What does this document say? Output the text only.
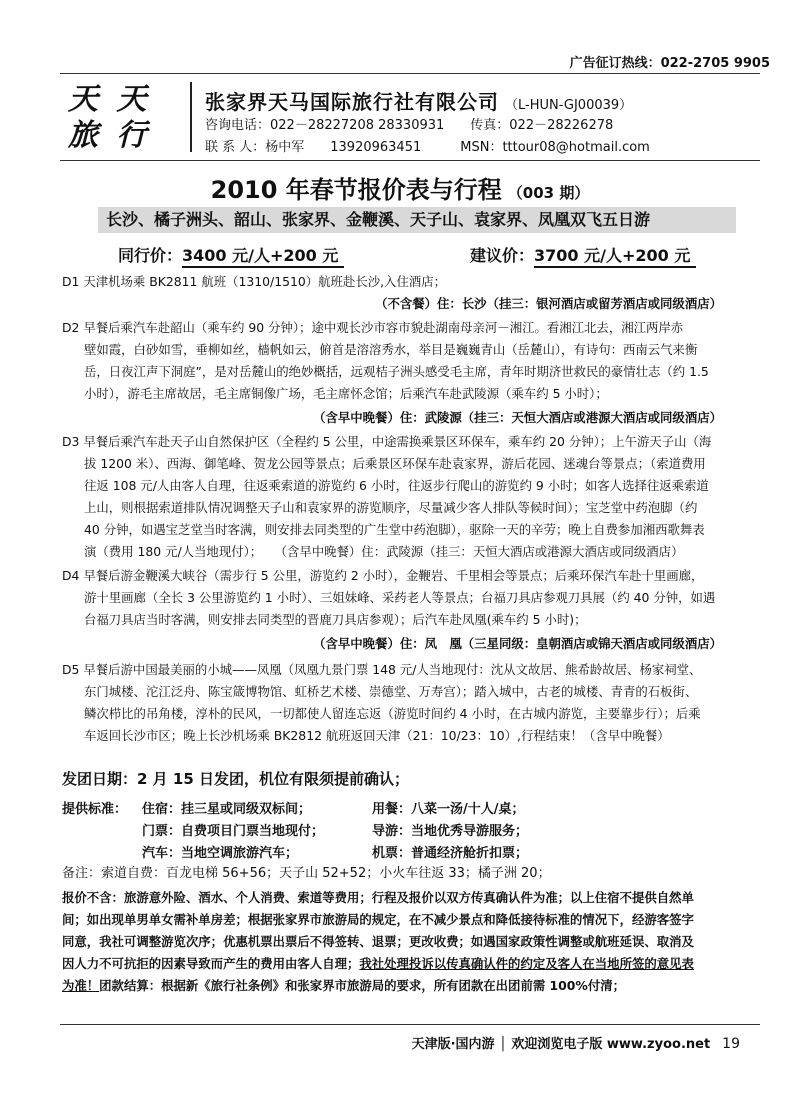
广告征订热线：022-2705 9905
天 天
旅 行
张家界天马国际旅行社有限公司 （L-HUN-GJ00039）
咨询电话：022－28227208 28330931　　传真：022－28226278
联 系 人：杨中军　　13920963451　　　MSN：tttour08@hotmail.com
2010 年春节报价表与行程 （003 期）
长沙、橘子洲头、韶山、张家界、金鞭溪、天子山、袁家界、凤凰双飞五日游
同行价：3400 元/人+200 元	建议价：3700 元/人+200 元
D1 天津机场乘 BK2811 航班（1310/1510）航班赴长沙,入住酒店；
（不含餐）住：长沙（挂三：银河酒店或留芳酒店或同级酒店）
D2 早餐后乘汽车赴韶山（乘车约 90 分钟）；途中观长沙市容市貌赴湖南母亲河－湘江。看湘江北去，湘江两岸赤
壁如霞，白砂如雪，垂柳如丝，樯帆如云，俯首是溶溶秀水，举目是巍巍青山（岳麓山），有诗句：西南云气来衡
岳，日夜江声下洞庭”，是对岳麓山的绝妙概括，远观桔子洲头感受毛主席，青年时期济世救民的豪情壮志（约 1.5
小时），游毛主席故居，毛主席铜像广场，毛主席怀念馆；后乘汽车赴武陵源（乘车约 5 小时）；
（含早中晚餐）住：武陵源（挂三：天恒大酒店或港源大酒店或同级酒店）
D3 早餐后乘汽车赴天子山自然保护区（全程约 5 公里，中途需换乘景区环保车，乘车约 20 分钟）；上午游天子山（海
拔 1200 米）、西海、御笔峰、贺龙公园等景点；后乘景区环保车赴袁家界，游后花园、迷魂台等景点；（索道费用
往返 108 元/人由客人自理，往返乘索道的游览约 6 小时，往返步行爬山的游览约 9 小时；如客人选择往返乘索道
上山，则根据索道排队情况调整天子山和袁家界的游览顺序，尽量减少客人排队等候时间）；宝芝堂中药泡脚（约
40 分钟，如遇宝芝堂当时客满，则安排去同类型的广生堂中药泡脚），驱除一天的辛劳；晚上自费参加湘西歌舞表
演（费用 180 元/人当地现付）；　　（含早中晚餐）住：武陵源（挂三：天恒大酒店或港源大酒店或同级酒店）
D4 早餐后游金鞭溪大峡谷（需步行 5 公里，游览约 2 小时），金鞭岩、千里相会等景点；后乘环保汽车赴十里画廊，
游十里画廊（全长 3 公里游览约 1 小时）、三姐妹峰、采药老人等景点；台福刀具店参观刀具展（约 40 分钟，如遇
台福刀具店当时客满，则安排去同类型的晋鹿刀具店参观）；后汽车赴凤凰(乘车约 5 小时)；
（含早中晚餐）住：凤　凰（三星同级：皇朝酒店或锦天酒店或同级酒店）
D5 早餐后游中国最美丽的小城——凤凰（凤凰九景门票 148 元/人当地现付：沈从文故居、熊希龄故居、杨家祠堂、
东门城楼、沱江泛舟、陈宝箴博物馆、虹桥艺术楼、崇德堂、万寿宫）；踏入城中，古老的城楼、青青的石板街、
鳞次栉比的吊角楼，淳朴的民风，一切都使人留连忘返（游览时间约 4 小时，在古城内游览，主要靠步行）；后乘
车返回长沙市区；晚上长沙机场乘 BK2812 航班返回天津（21：10/23：10）,行程结束！（含早中晚餐）
发团日期：2 月 15 日发团，机位有限须提前确认；
提供标准： 住宿：挂三星或同级双标间；	用餐：八菜一汤/十人/桌；
门票：自费项目门票当地现付；	导游：当地优秀导游服务；
汽车：当地空调旅游汽车；	机票：普通经济舱折扣票；
备注：索道自费：百龙电梯 56+56；天子山 52+52；小火车往返 33；橘子洲 20；
报价不含：旅游意外险、酒水、个人消费、索道等费用；行程及报价以双方传真确认件为准；以上住宿不提供自然单
间；如出现单男单女需补单房差；根据张家界市旅游局的规定，在不减少景点和降低接待标准的情况下，经游客签字
同意，我社可调整游览次序；优惠机票出票后不得签转、退票；更改收费；如遇国家政策性调整或航班延误、取消及
因人力不可抗拒的因素导致而产生的费用由客人自理；我社处理投诉以传真确认件的约定及客人在当地所签的意见表
为准！团款结算：根据新《旅行社条例》和张家界市旅游局的要求，所有团款在出团前需 100%付清；
天津版·国内游 │ 欢迎浏览电子版 www.zyoo.net 19
